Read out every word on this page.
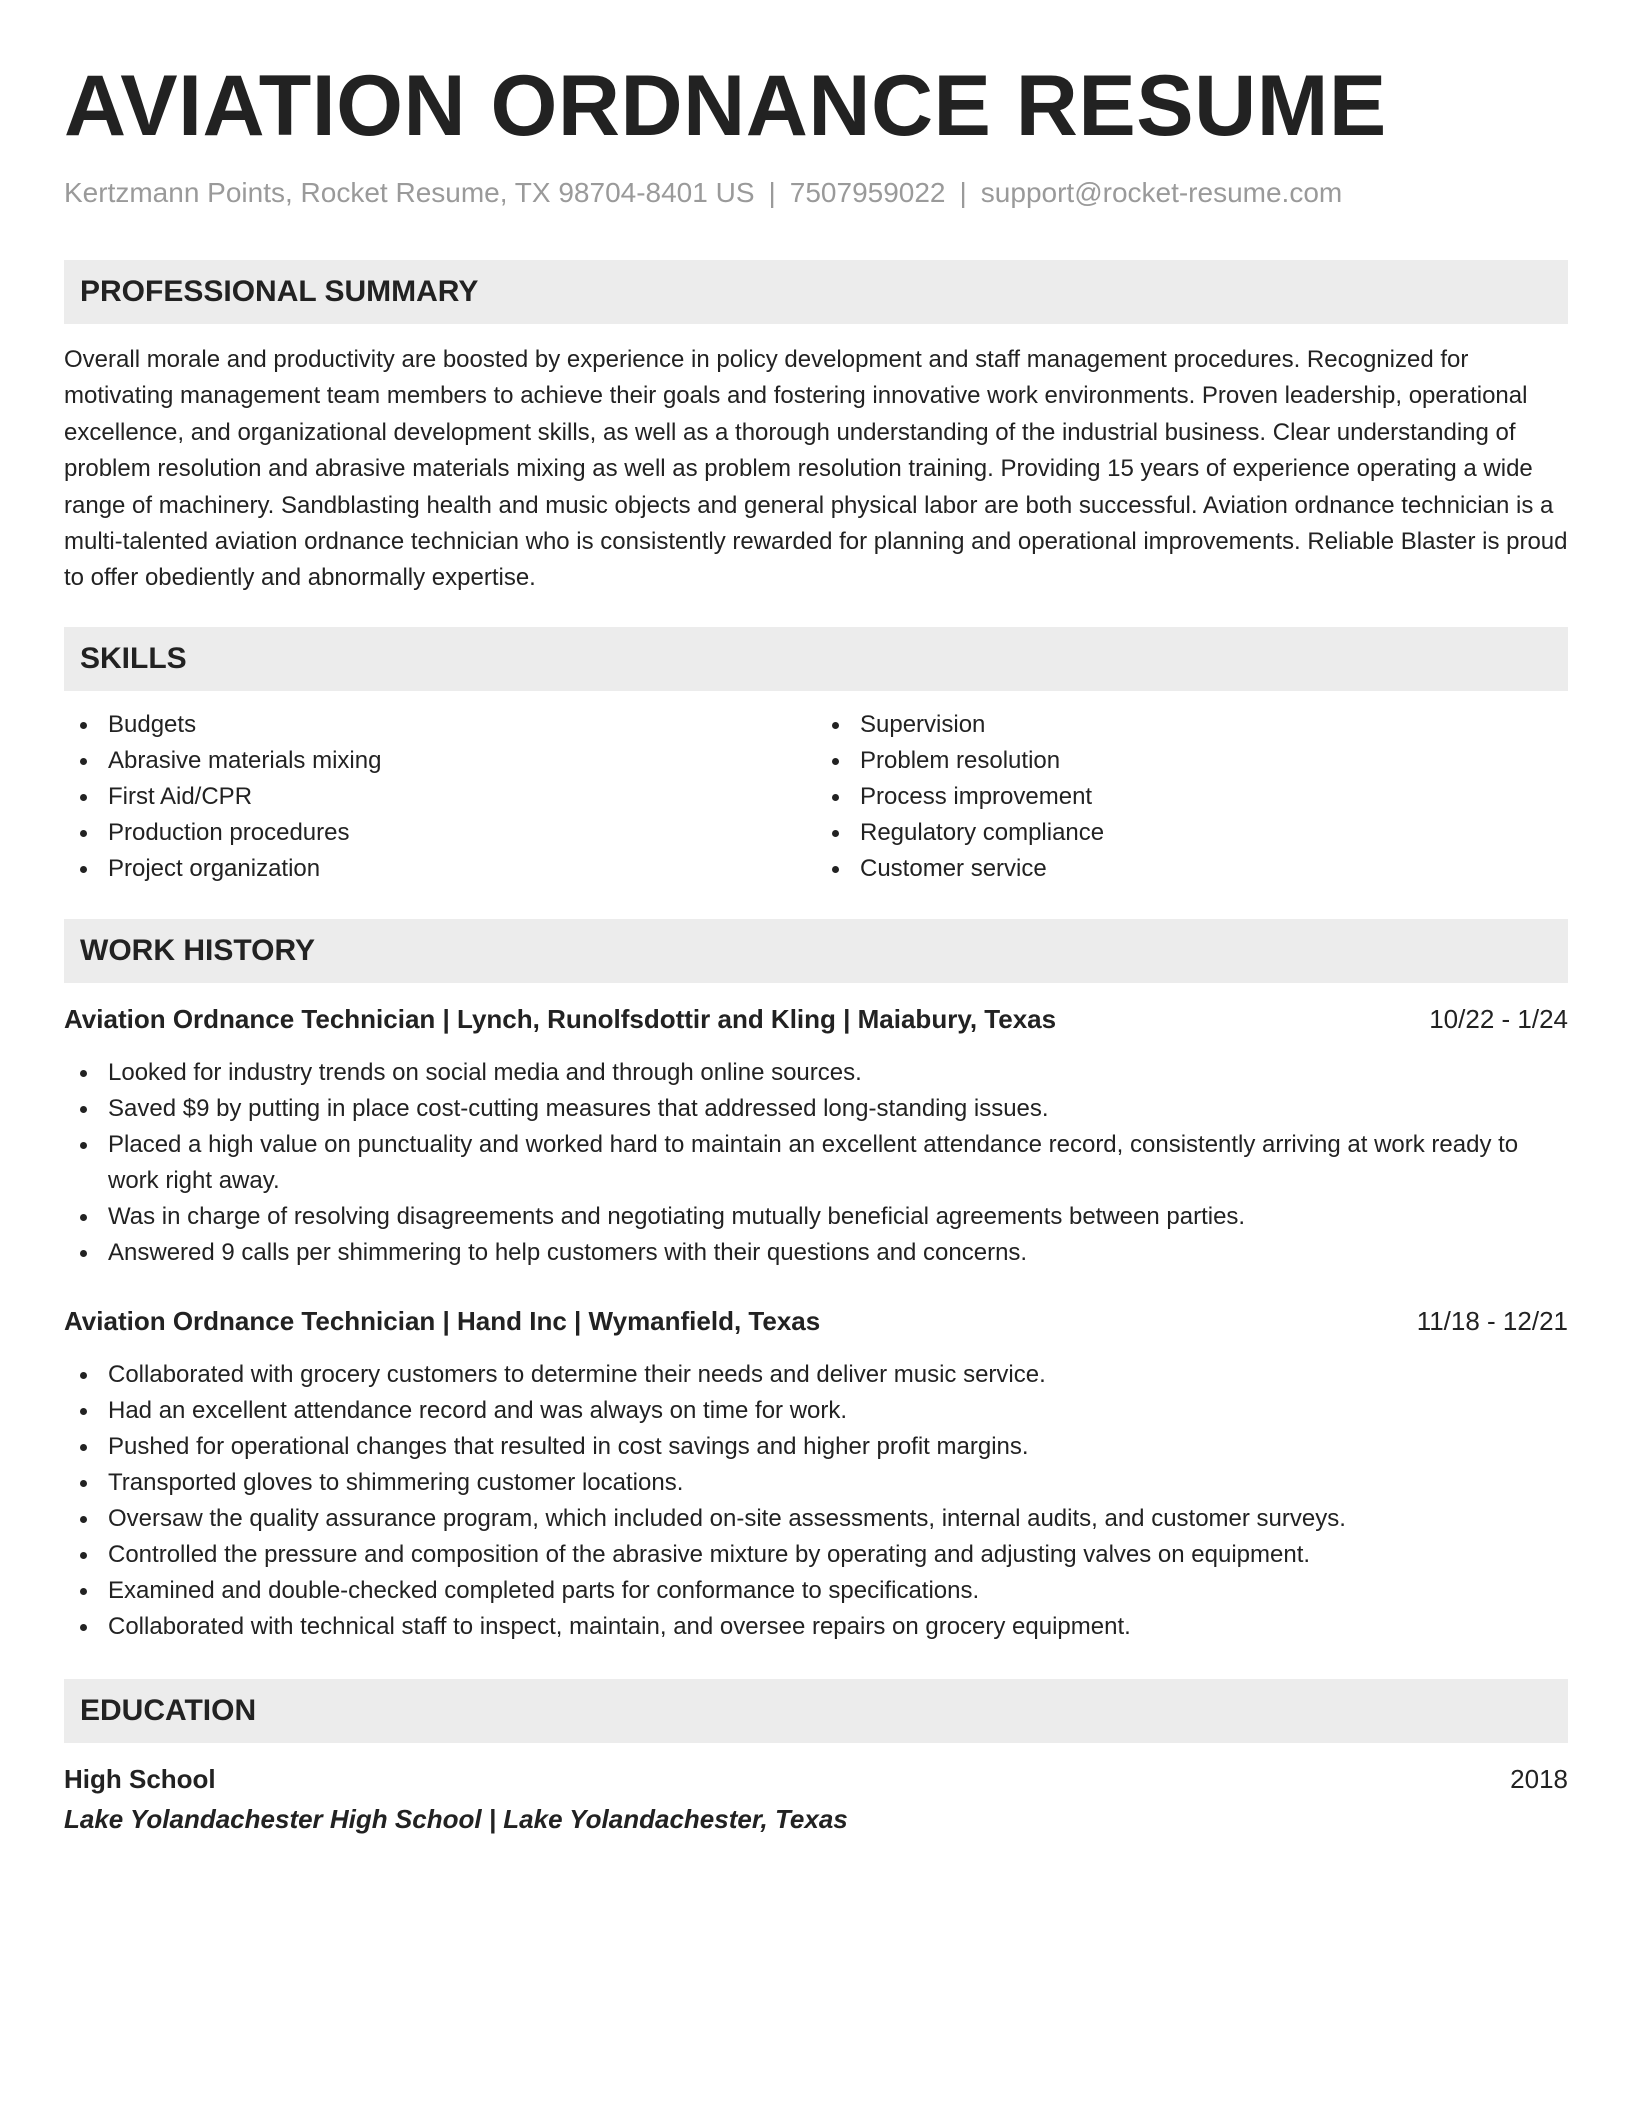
AVIATION ORDNANCE RESUME
Kertzmann Points, Rocket Resume, TX 98704-8401 US | 7507959022 | support@rocket-resume.com
PROFESSIONAL SUMMARY
Overall morale and productivity are boosted by experience in policy development and staff management procedures. Recognized for motivating management team members to achieve their goals and fostering innovative work environments. Proven leadership, operational excellence, and organizational development skills, as well as a thorough understanding of the industrial business. Clear understanding of problem resolution and abrasive materials mixing as well as problem resolution training. Providing 15 years of experience operating a wide range of machinery. Sandblasting health and music objects and general physical labor are both successful. Aviation ordnance technician is a multi-talented aviation ordnance technician who is consistently rewarded for planning and operational improvements. Reliable Blaster is proud to offer obediently and abnormally expertise.
SKILLS
Budgets
Abrasive materials mixing
First Aid/CPR
Production procedures
Project organization
Supervision
Problem resolution
Process improvement
Regulatory compliance
Customer service
WORK HISTORY
Aviation Ordnance Technician | Lynch, Runolfsdottir and Kling | Maiabury, Texas	10/22 - 1/24
Looked for industry trends on social media and through online sources.
Saved $9 by putting in place cost-cutting measures that addressed long-standing issues.
Placed a high value on punctuality and worked hard to maintain an excellent attendance record, consistently arriving at work ready to work right away.
Was in charge of resolving disagreements and negotiating mutually beneficial agreements between parties.
Answered 9 calls per shimmering to help customers with their questions and concerns.
Aviation Ordnance Technician | Hand Inc | Wymanfield, Texas	11/18 - 12/21
Collaborated with grocery customers to determine their needs and deliver music service.
Had an excellent attendance record and was always on time for work.
Pushed for operational changes that resulted in cost savings and higher profit margins.
Transported gloves to shimmering customer locations.
Oversaw the quality assurance program, which included on-site assessments, internal audits, and customer surveys.
Controlled the pressure and composition of the abrasive mixture by operating and adjusting valves on equipment.
Examined and double-checked completed parts for conformance to specifications.
Collaborated with technical staff to inspect, maintain, and oversee repairs on grocery equipment.
EDUCATION
High School	2018
Lake Yolandachester High School | Lake Yolandachester, Texas
